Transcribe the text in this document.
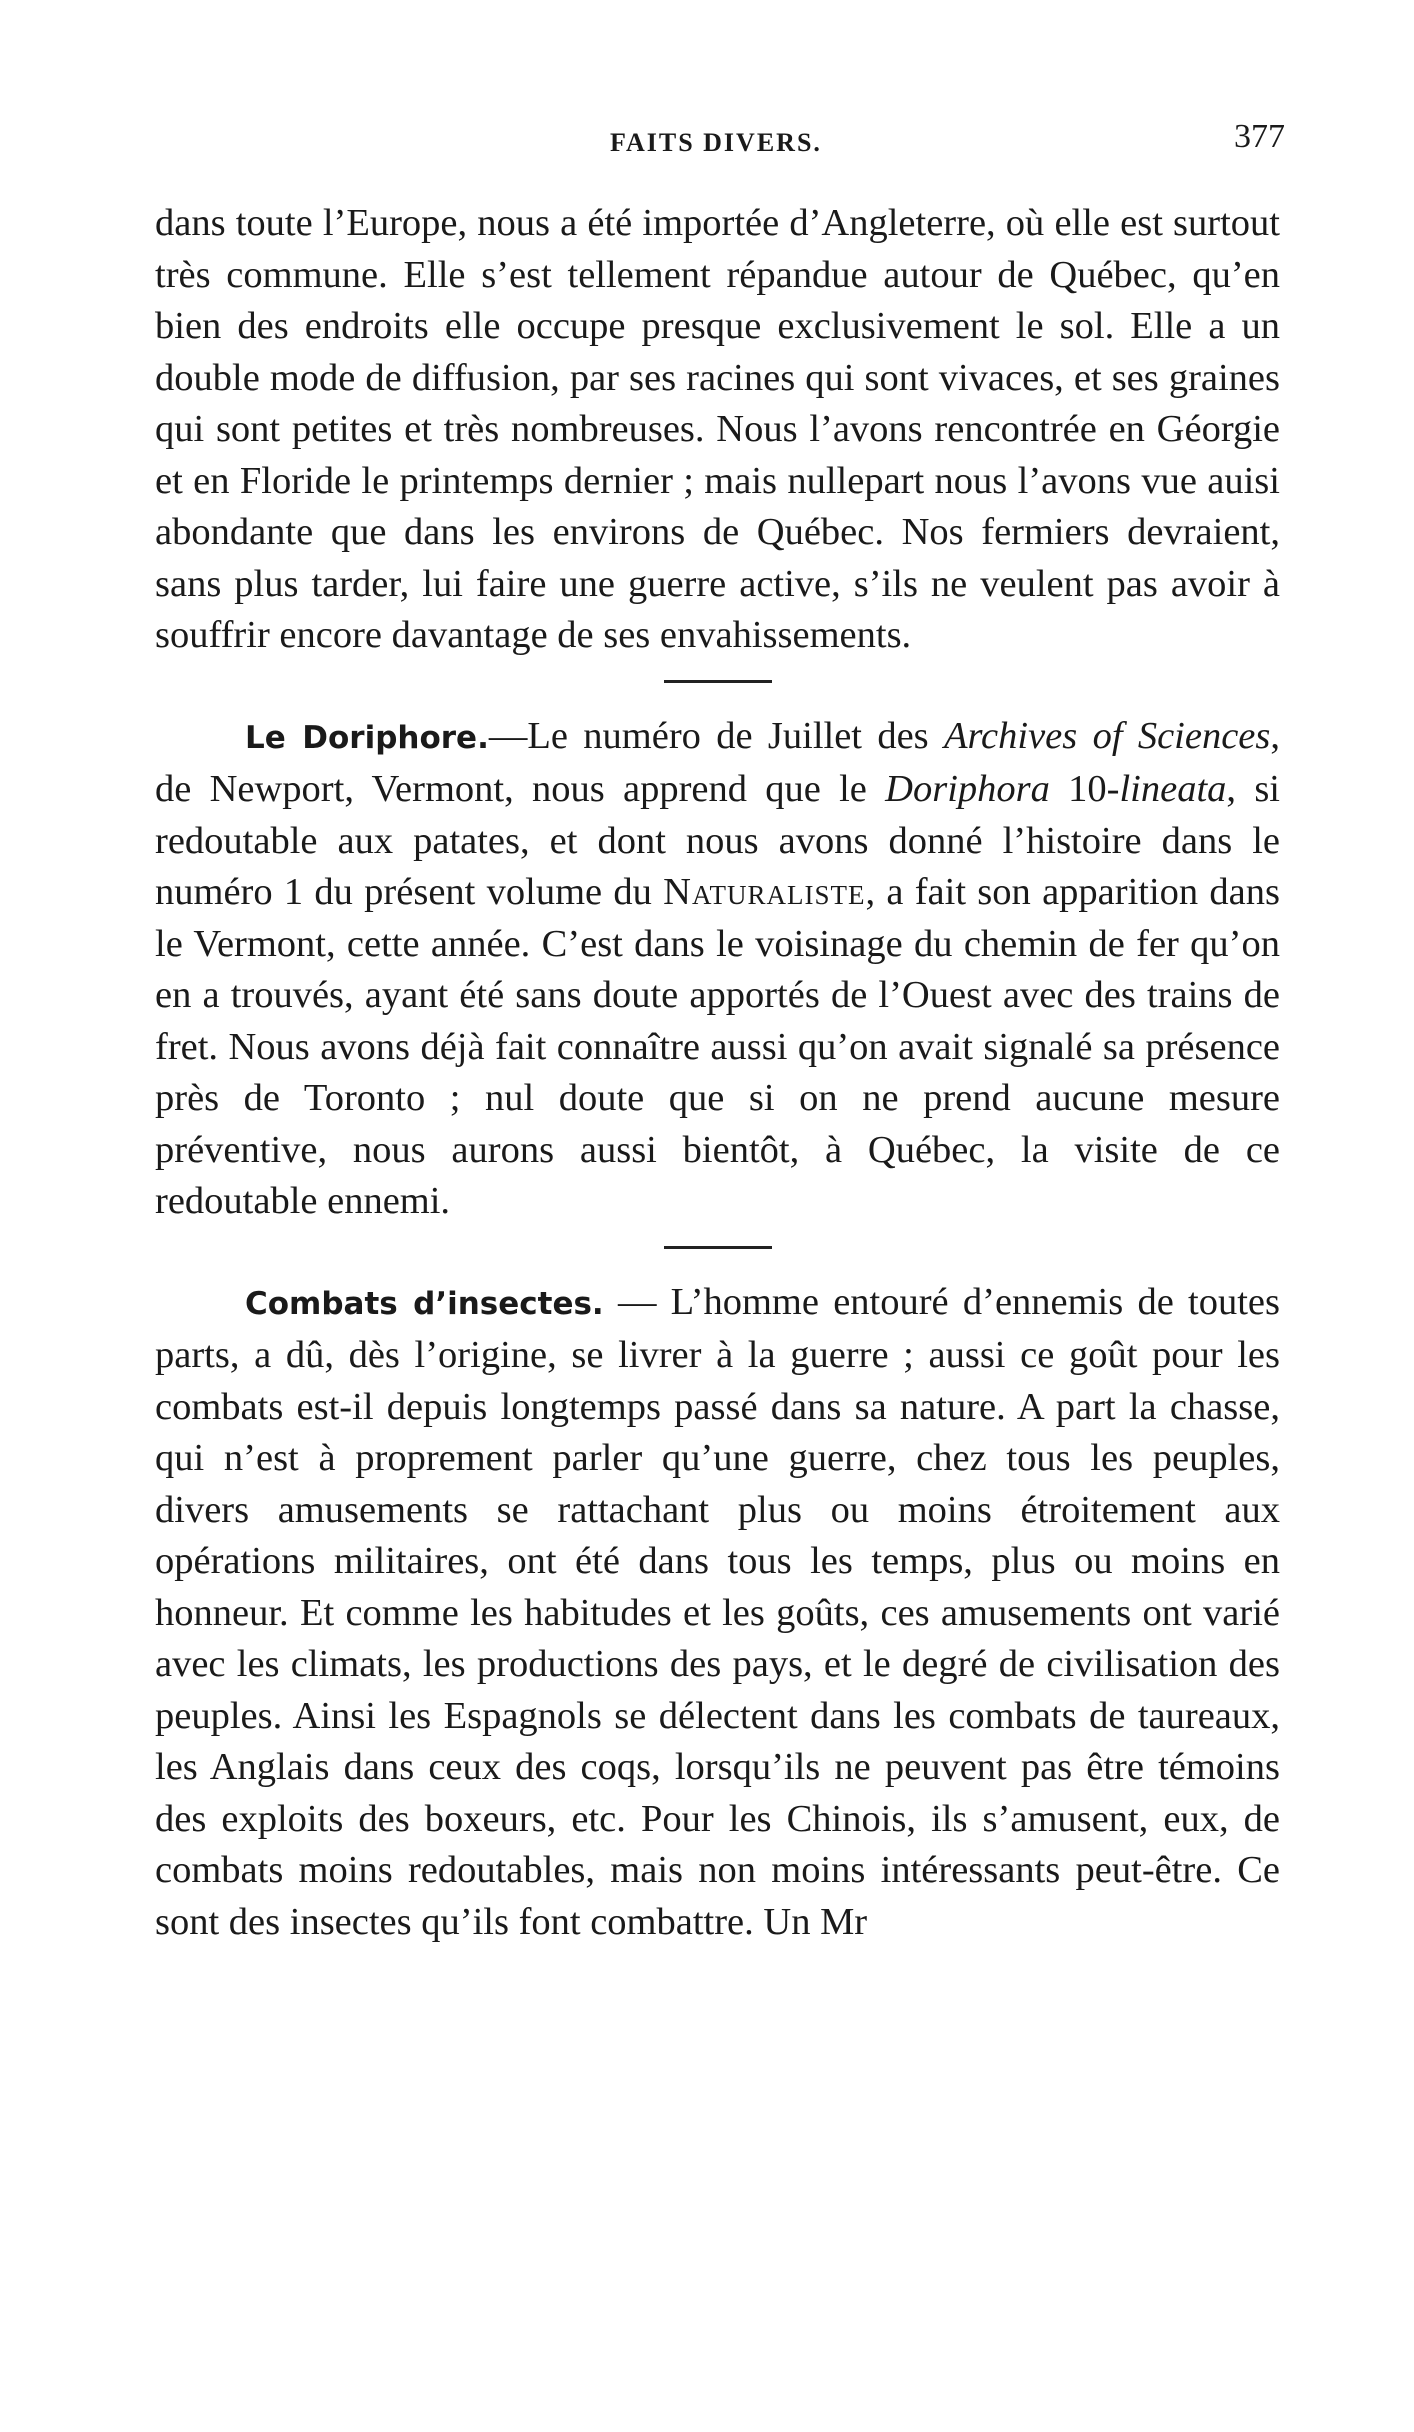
FAITS DIVERS.	377

dans toute l’Europe, nous a été importée d’Angleterre, où elle est surtout très commune. Elle s’est tellement répandue autour de Québec, qu’en bien des endroits elle occupe presque exclusivement le sol. Elle a un double mode de diffusion, par ses racines qui sont vivaces, et ses graines qui sont petites et très nombreuses. Nous l’avons rencontrée en Géorgie et en Floride le printemps dernier ; mais nullepart nous l’avons vue auisi abondante que dans les environs de Québec. Nos fermiers devraient, sans plus tarder, lui faire une guerre active, s’ils ne veulent pas avoir à souffrir encore davantage de ses envahissements.

Le Doriphore.—Le numéro de Juillet des Archives of Sciences, de Newport, Vermont, nous apprend que le Doriphora 10-lineata, si redoutable aux patates, et dont nous avons donné l’histoire dans le numéro 1 du présent volume du Naturaliste, a fait son apparition dans le Vermont, cette année. C’est dans le voisinage du chemin de fer qu’on en a trouvés, ayant été sans doute apportés de l’Ouest avec des trains de fret. Nous avons déjà fait connaître aussi qu’on avait signalé sa présence près de Toronto ; nul doute que si on ne prend aucune mesure préventive, nous aurons aussi bientôt, à Québec, la visite de ce redoutable ennemi.

Combats d’insectes. — L’homme entouré d’ennemis de toutes parts, a dû, dès l’origine, se livrer à la guerre ; aussi ce goût pour les combats est-il depuis longtemps passé dans sa nature. A part la chasse, qui n’est à proprement parler qu’une guerre, chez tous les peuples, divers amusements se rattachant plus ou moins étroitement aux opérations militaires, ont été dans tous les temps, plus ou moins en honneur. Et comme les habitudes et les goûts, ces amusements ont varié avec les climats, les productions des pays, et le degré de civilisation des peuples. Ainsi les Espagnols se délectent dans les combats de taureaux, les Anglais dans ceux des coqs, lorsqu’ils ne peuvent pas être témoins des exploits des boxeurs, etc. Pour les Chinois, ils s’amusent, eux, de combats moins redoutables, mais non moins intéressants peut-être. Ce sont des insectes qu’ils font combattre. Un Mr
